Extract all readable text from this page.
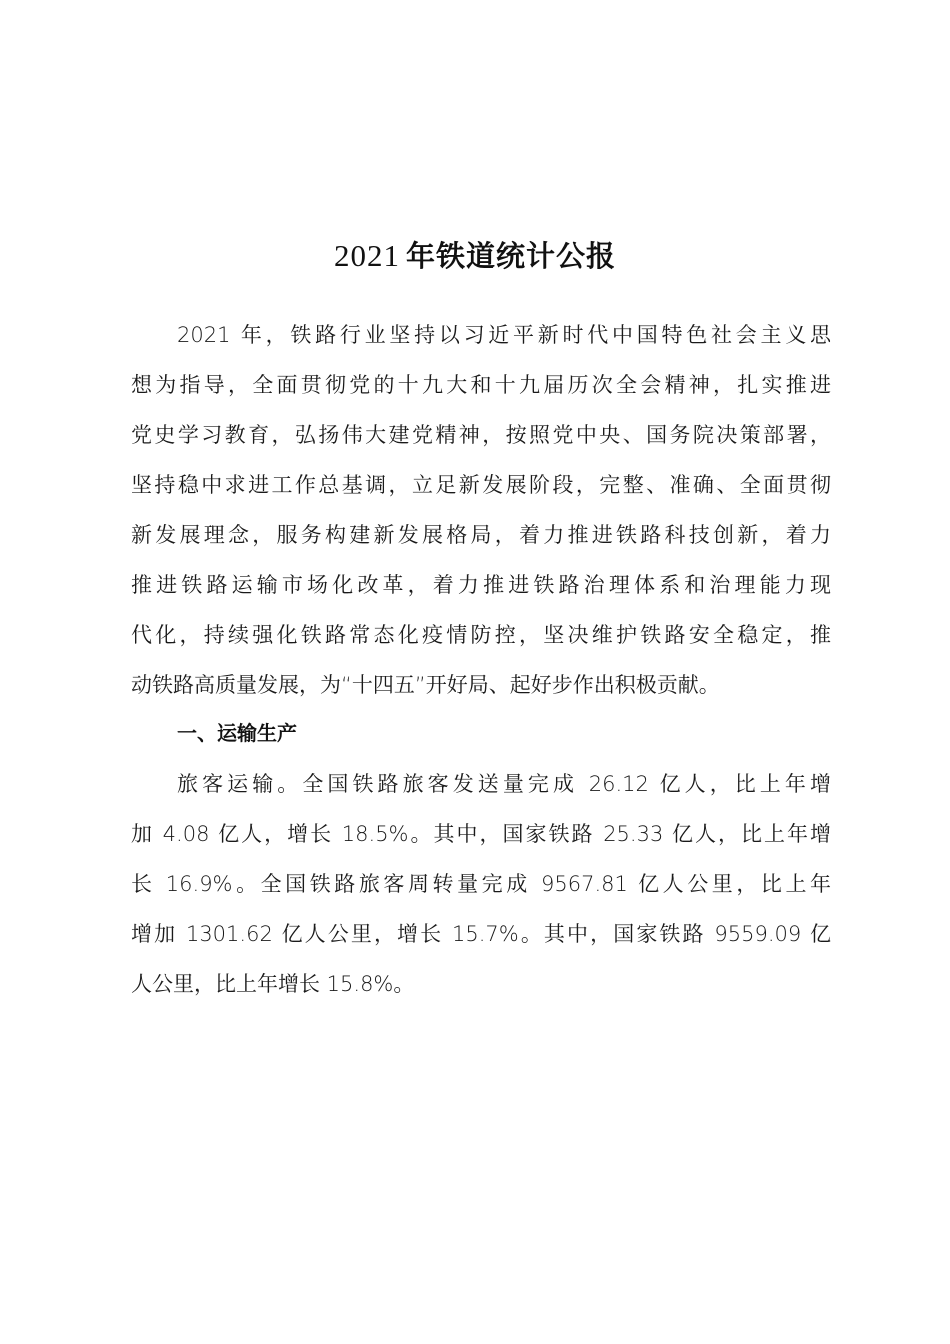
2021 年铁道统计公报
2021 年，铁路行业坚持以习近平新时代中国特色社会主义思
想为指导，全面贯彻党的十九大和十九届历次全会精神，扎实推进
党史学习教育，弘扬伟大建党精神，按照党中央、国务院决策部署，
坚持稳中求进工作总基调，立足新发展阶段，完整、准确、全面贯彻
新发展理念，服务构建新发展格局，着力推进铁路科技创新，着力
推进铁路运输市场化改革，着力推进铁路治理体系和治理能力现
代化，持续强化铁路常态化疫情防控，坚决维护铁路安全稳定，推
动铁路高质量发展，为“十四五”开好局、起好步作出积极贡献。
一、运输生产
旅客运输。全国铁路旅客发送量完成 26.12 亿人，比上年增
加 4.08 亿人，增长 18.5%。其中，国家铁路 25.33 亿人，比上年增
长 16.9%。全国铁路旅客周转量完成 9567.81 亿人公里，比上年
增加 1301.62 亿人公里，增长 15.7%。其中，国家铁路 9559.09 亿
人公里，比上年增长 15.8%。
